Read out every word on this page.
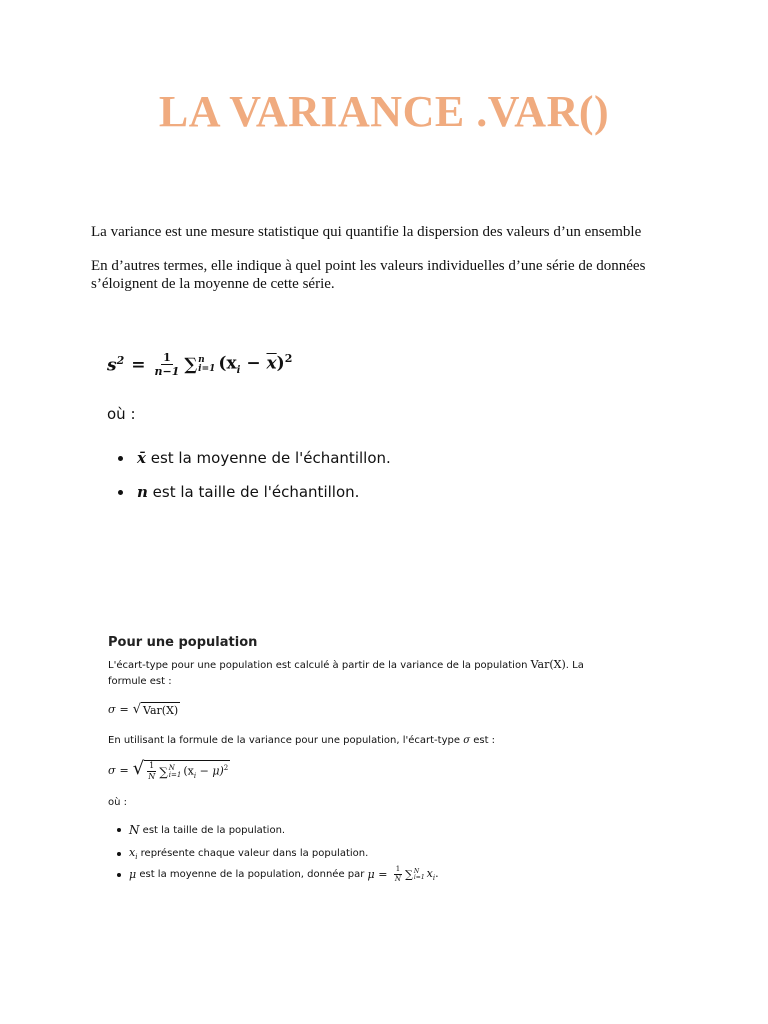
LA VARIANCE .VAR()
La variance est une mesure statistique qui quantifie la dispersion des valeurs d’un ensemble
En d’autres termes, elle indique à quel point les valeurs individuelles d’une série de données
s’éloignent de la moyenne de cette série.
$s^2 = \frac{1}{n-1}$ ∑ n
i=1 $(x_i - \overline{x})^2$
où :
x̄ est la moyenne de l'échantillon.
n est la taille de l'échantillon.
Pour une population
L'écart-type pour une population est calculé à partir de la variance de la population Var(X). La
formule est :
σ = √ Var(X)
En utilisant la formule de la variance pour une population, l'écart-type σ est :
σ = √ $\frac{1}{N}$ ∑ N
i=1 $(x_i - \mu)^2$
où :
N est la taille de la population.
$x_i$ représente chaque valeur dans la population.
μ est la moyenne de la population, donnée par $\mu = \frac{1}{N}$ ∑ N
i=1 $x_i$.
